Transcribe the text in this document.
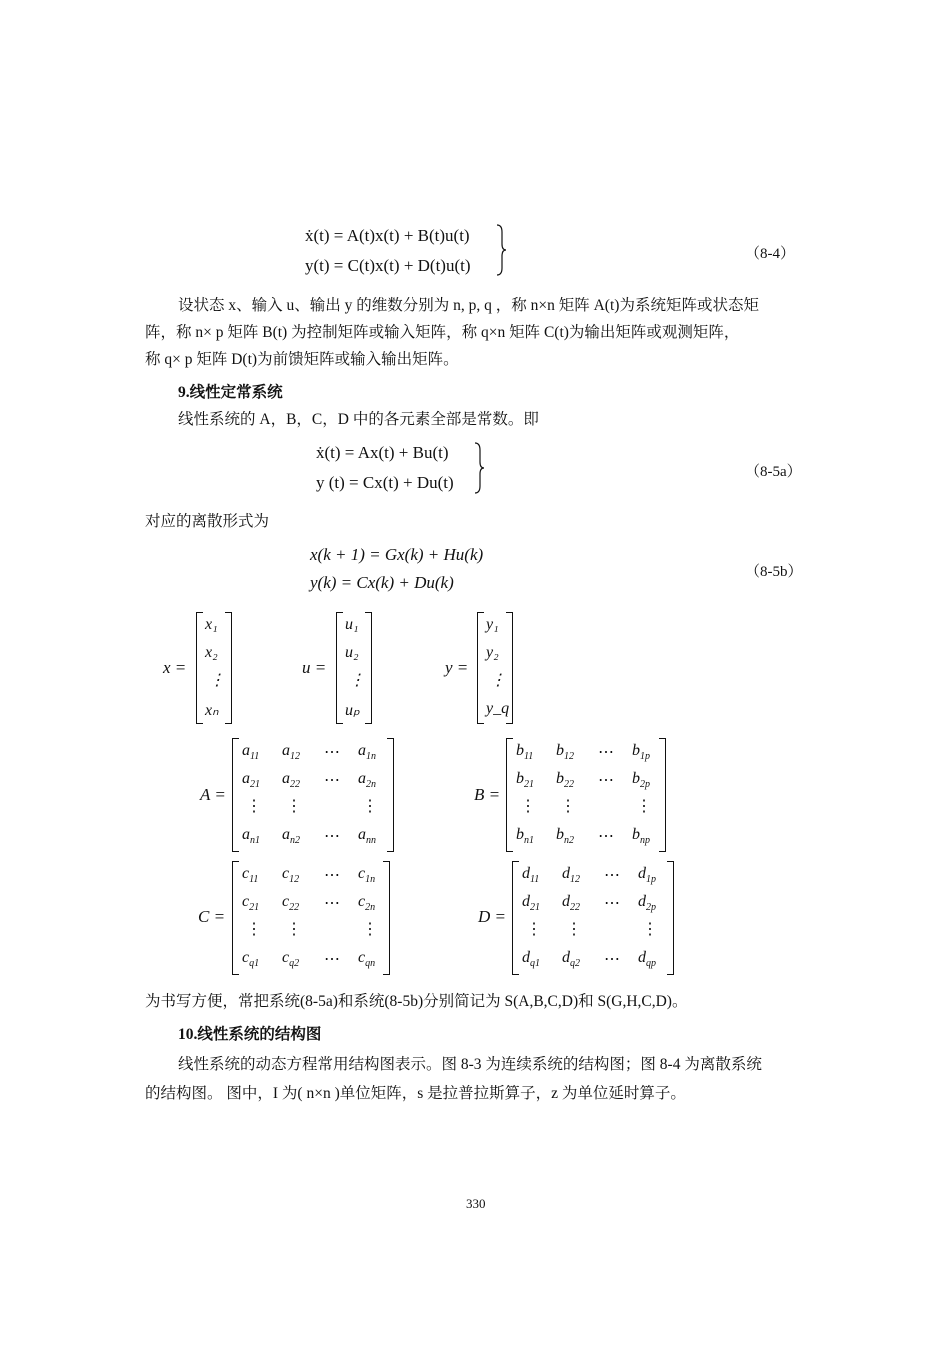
ẋ(t) = A(t)x(t) + B(t)u(t)
y(t) = C(t)x(t) + D(t)u(t)
（8-4）
设状态 x、输入 u、输出 y 的维数分别为 n, p, q ，称 n×n 矩阵 A(t)为系统矩阵或状态矩
阵，称 n× p 矩阵 B(t) 为控制矩阵或输入矩阵，称 q×n 矩阵 C(t)为输出矩阵或观测矩阵，
称 q× p 矩阵 D(t)为前馈矩阵或输入输出矩阵。
9.线性定常系统
线性系统的 A，B，C，D 中的各元素全部是常数。即
ẋ(t) = Ax(t) + Bu(t)
y (t) = Cx(t) + Du(t)
（8-5a）
对应的离散形式为
x(k + 1) = Gx(k) + Hu(k)
y(k) = Cx(k) + Du(k)
（8-5b）
x =
x₁
x₂
⋮
xₙ
u =
u₁
u₂
⋮
uₚ
y =
y₁
y₂
⋮
y_q
A =
$a_{11}$ $a_{12}$ ⋯ $a_{1n}$
$a_{21}$ $a_{22}$ ⋯ $a_{2n}$
⋮ ⋮	⋮
$a_{n1}$ $a_{n2}$ ⋯ $a_{nn}$
B =
$b_{11}$ $b_{12}$ ⋯ $b_{1p}$
$b_{21}$ $b_{22}$ ⋯ $b_{2p}$
⋮ ⋮	⋮
$b_{n1}$ $b_{n2}$ ⋯ $b_{np}$
C =
$c_{11}$ $c_{12}$ ⋯ $c_{1n}$
$c_{21}$ $c_{22}$ ⋯ $c_{2n}$
⋮ ⋮	⋮
$c_{q1}$ $c_{q2}$ ⋯ $c_{qn}$
D =
$d_{11}$ $d_{12}$ ⋯ $d_{1p}$
$d_{21}$ $d_{22}$ ⋯ $d_{2p}$
⋮ ⋮	⋮
$d_{q1}$ $d_{q2}$ ⋯ $d_{qp}$
为书写方便，常把系统(8-5a)和系统(8-5b)分别简记为 S(A,B,C,D)和 S(G,H,C,D)。
10.线性系统的结构图
线性系统的动态方程常用结构图表示。图 8-3 为连续系统的结构图；图 8-4 为离散系统
的结构图。 图中，I 为( n×n )单位矩阵，s 是拉普拉斯算子，z 为单位延时算子。
330
